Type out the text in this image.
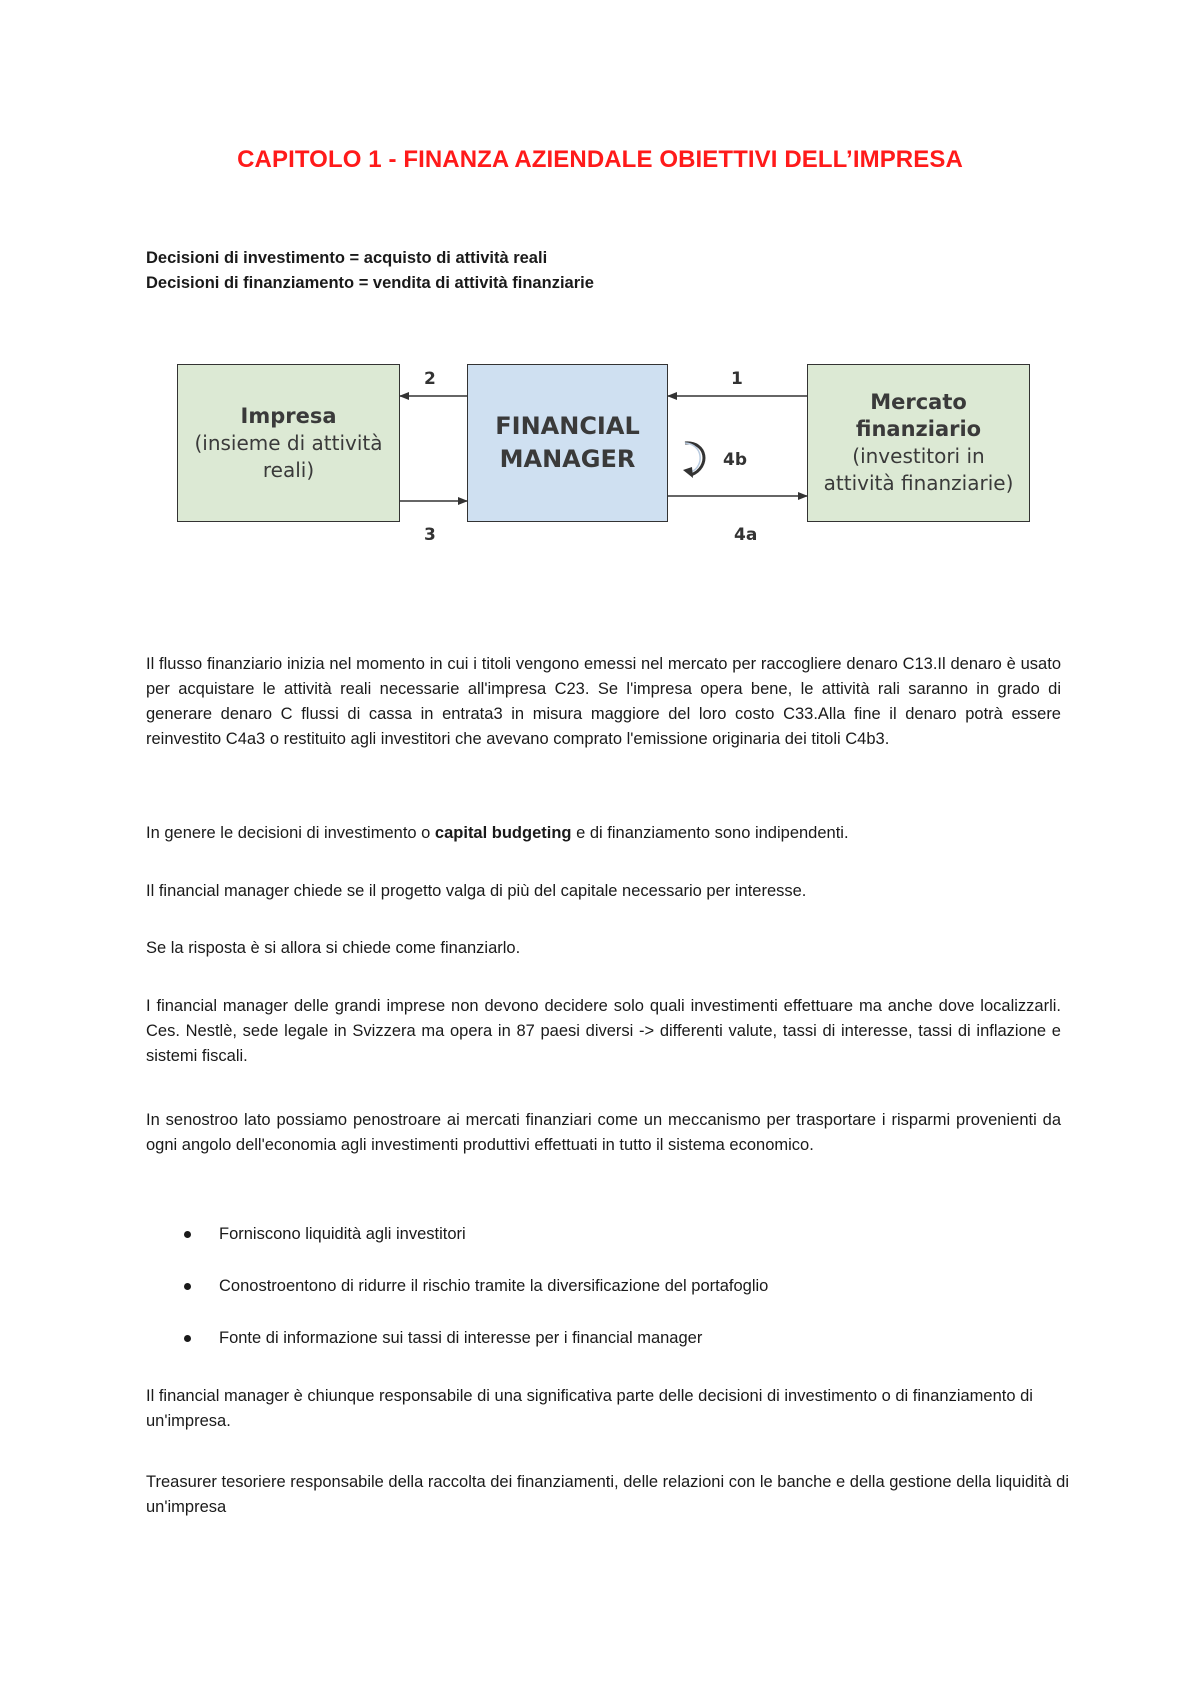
CAPITOLO 1 - FINANZA AZIENDALE OBIETTIVI DELL’IMPRESA
Decisioni di investimento = acquisto di attività reali
Decisioni di finanziamento = vendita di attività finanziarie
Impresa
(insieme di attività
reali)
FINANCIAL
MANAGER
Mercato
finanziario
(investitori in
attività finanziarie)
2	1
4b
3	4a
Il flusso finanziario inizia nel momento in cui i titoli vengono emessi nel mercato per raccogliere denaro C13.Il denaro è usato per acquistare le attività reali necessarie all'impresa C23. Se l'impresa opera bene, le attività rali saranno in grado di generare denaro C flussi di cassa in entrata3 in misura maggiore del loro costo C33.Alla fine il denaro potrà essere reinvestito C4a3 o restituito agli investitori che avevano comprato l'emissione originaria dei titoli C4b3.
In genere le decisioni di investimento o capital budgeting e di finanziamento sono indipendenti.
Il financial manager chiede se il progetto valga di più del capitale necessario per interesse.
Se la risposta è si allora si chiede come finanziarlo.
I financial manager delle grandi imprese non devono decidere solo quali investimenti effettuare ma anche dove localizzarli. Ces. Nestlè, sede legale in Svizzera ma opera in 87 paesi diversi -> differenti valute, tassi di interesse, tassi di inflazione e sistemi fiscali.
In senostroo lato possiamo penostroare ai mercati finanziari come un meccanismo per trasportare i risparmi provenienti da ogni angolo dell'economia agli investimenti produttivi effettuati in tutto il sistema economico.
Forniscono liquidità agli investitori
Conostroentono di ridurre il rischio tramite la diversificazione del portafoglio
Fonte di informazione sui tassi di interesse per i financial manager
Il financial manager è chiunque responsabile di una significativa parte delle decisioni di investimento o di finanziamento di un'impresa.
Treasurer tesoriere responsabile della raccolta dei finanziamenti, delle relazioni con le banche e della gestione della liquidità di un'impresa
